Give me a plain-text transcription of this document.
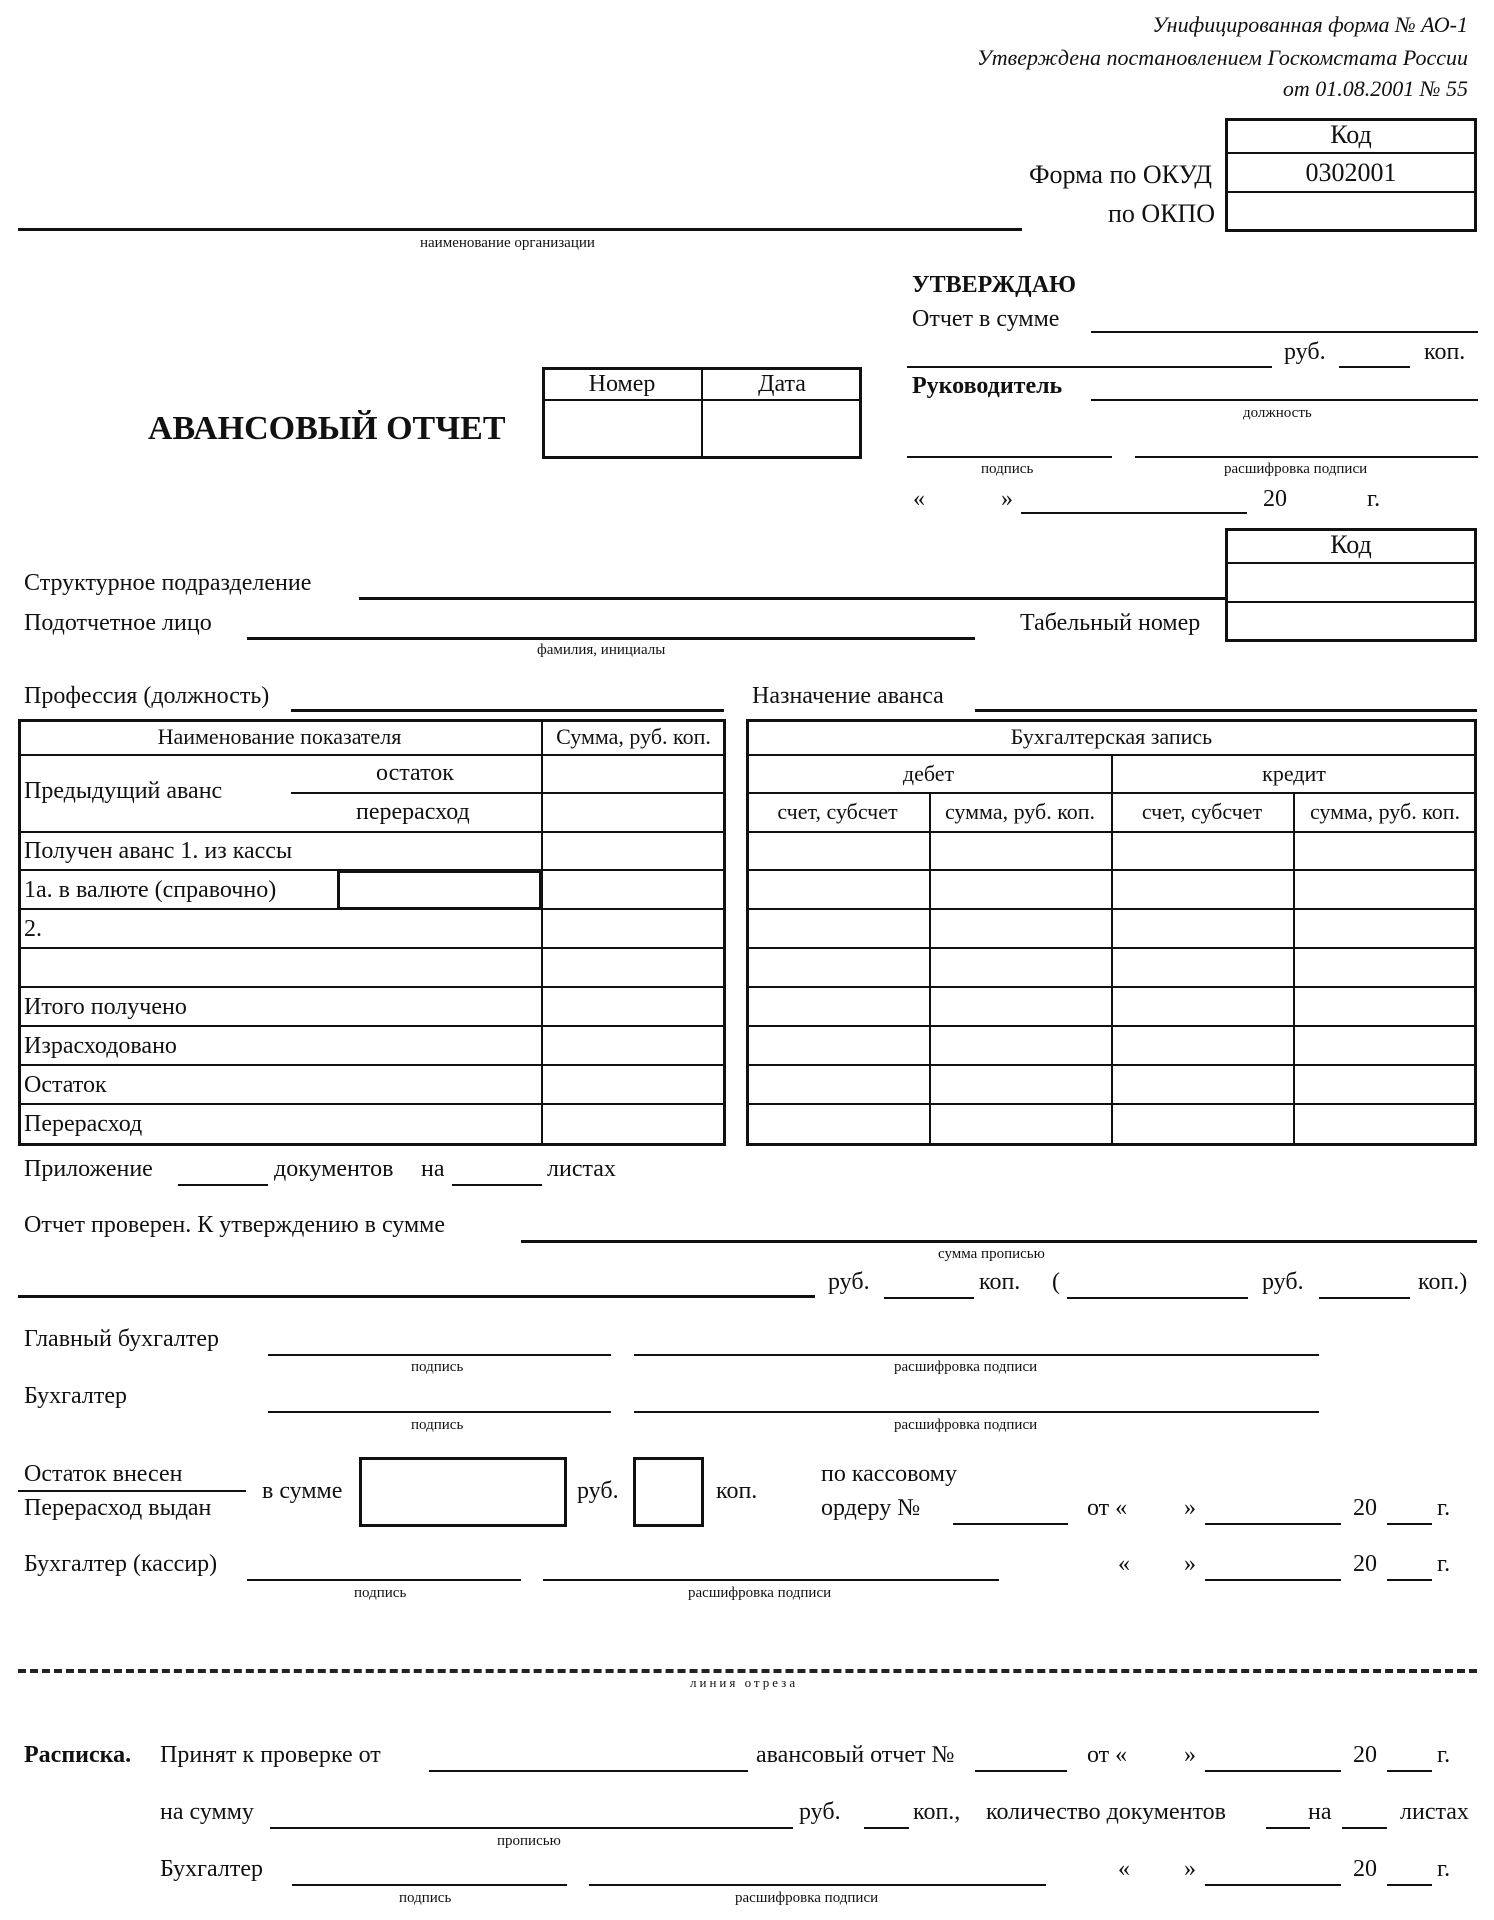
Унифицированная форма № АО-1
Утверждена постановлением Госкомстата России
от 01.08.2001 № 55
Код
Форма по ОКУД	0302001
по ОКПО
наименование организации
УТВЕРЖДАЮ
Отчет в сумме
руб.	коп.
Руководитель
должность
подпись	расшифровка подписи
«	»	20	г.
АВАНСОВЫЙ ОТЧЕТ
Номер	Дата
Код
Структурное подразделение
Подотчетное лицо
фамилия, инициалы
Табельный номер
Профессия (должность)	Назначение аванса
Наименование показателя	Сумма, руб. коп.
Предыдущий аванс
остаток
перерасход
Получен аванс 1. из кассы
1а. в валюте (справочно)
2.
Итого получено
Израсходовано
Остаток
Перерасход
Бухгалтерская запись
дебет	кредит
счет, субсчет	сумма, руб. коп.	счет, субсчет	сумма, руб. коп.
Приложение	документов на	листах
Отчет проверен. К утверждению в сумме
сумма прописью
руб.	коп. (	руб.	коп.)
Главный бухгалтер
подпись	расшифровка подписи
Бухгалтер
подпись	расшифровка подписи
Остаток внесен
Перерасход выдан
в сумме	руб.	коп.
по кассовому
ордеру №	от « »	20	г.
Бухгалтер (кассир)
подпись	расшифровка подписи
« »	20	г.
линия отреза
Расписка. Принят к проверке от	авансовый отчет №	от « »	20	г.
на сумму
прописью
руб.	коп., количество документов	на	листах
Бухгалтер
подпись	расшифровка подписи
« »	20	г.
